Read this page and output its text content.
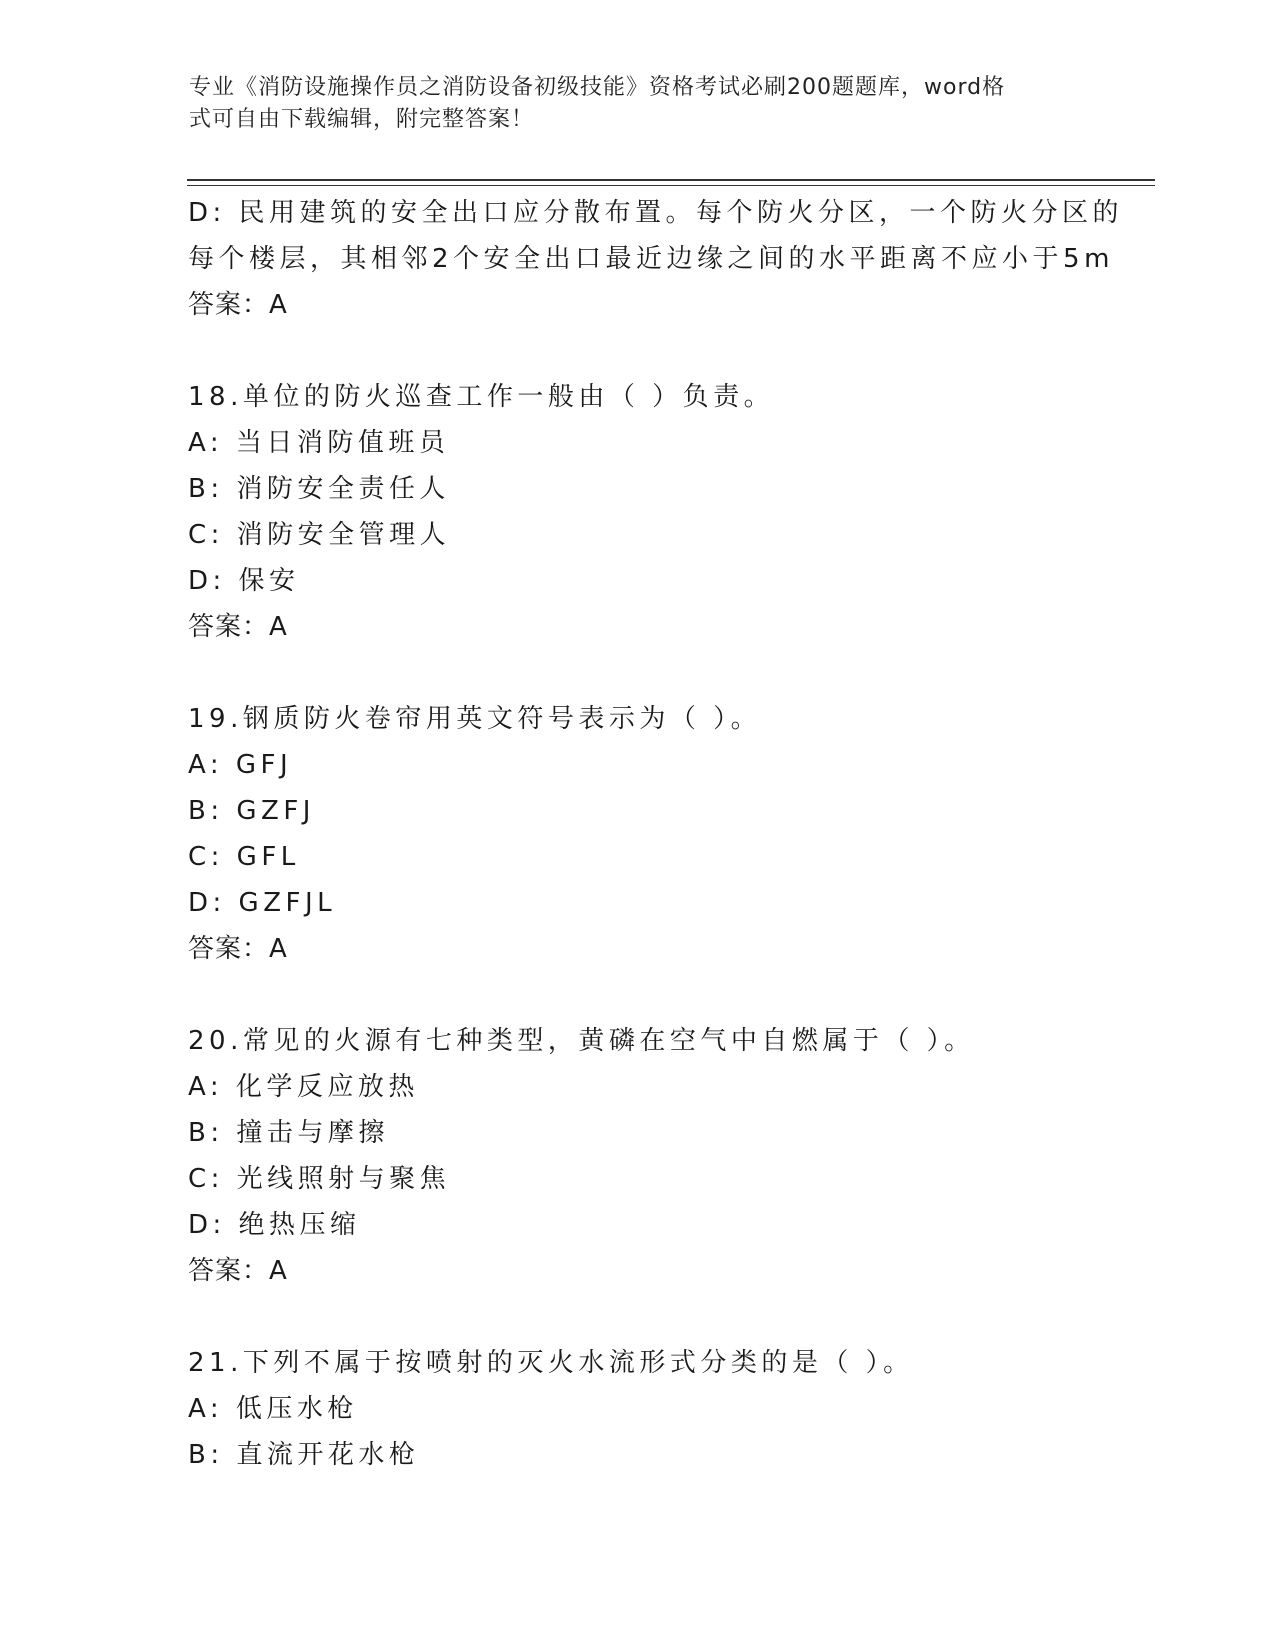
专业《消防设施操作员之消防设备初级技能》资格考试必刷200题题库，word格
式可自由下载编辑，附完整答案！
D: 民用建筑的安全出口应分散布置。每个防火分区，一个防火分区的
每个楼层，其相邻2个安全出口最近边缘之间的水平距离不应小于5m
答案：A
18.单位的防火巡查工作一般由（ ）负责。
A: 当日消防值班员
B: 消防安全责任人
C: 消防安全管理人
D: 保安
答案：A
19.钢质防火卷帘用英文符号表示为（ ）。
A: GFJ
B: GZFJ
C: GFL
D: GZFJL
答案：A
20.常见的火源有七种类型，黄磷在空气中自燃属于（ ）。
A: 化学反应放热
B: 撞击与摩擦
C: 光线照射与聚焦
D: 绝热压缩
答案：A
21.下列不属于按喷射的灭火水流形式分类的是（ ）。
A: 低压水枪
B: 直流开花水枪
